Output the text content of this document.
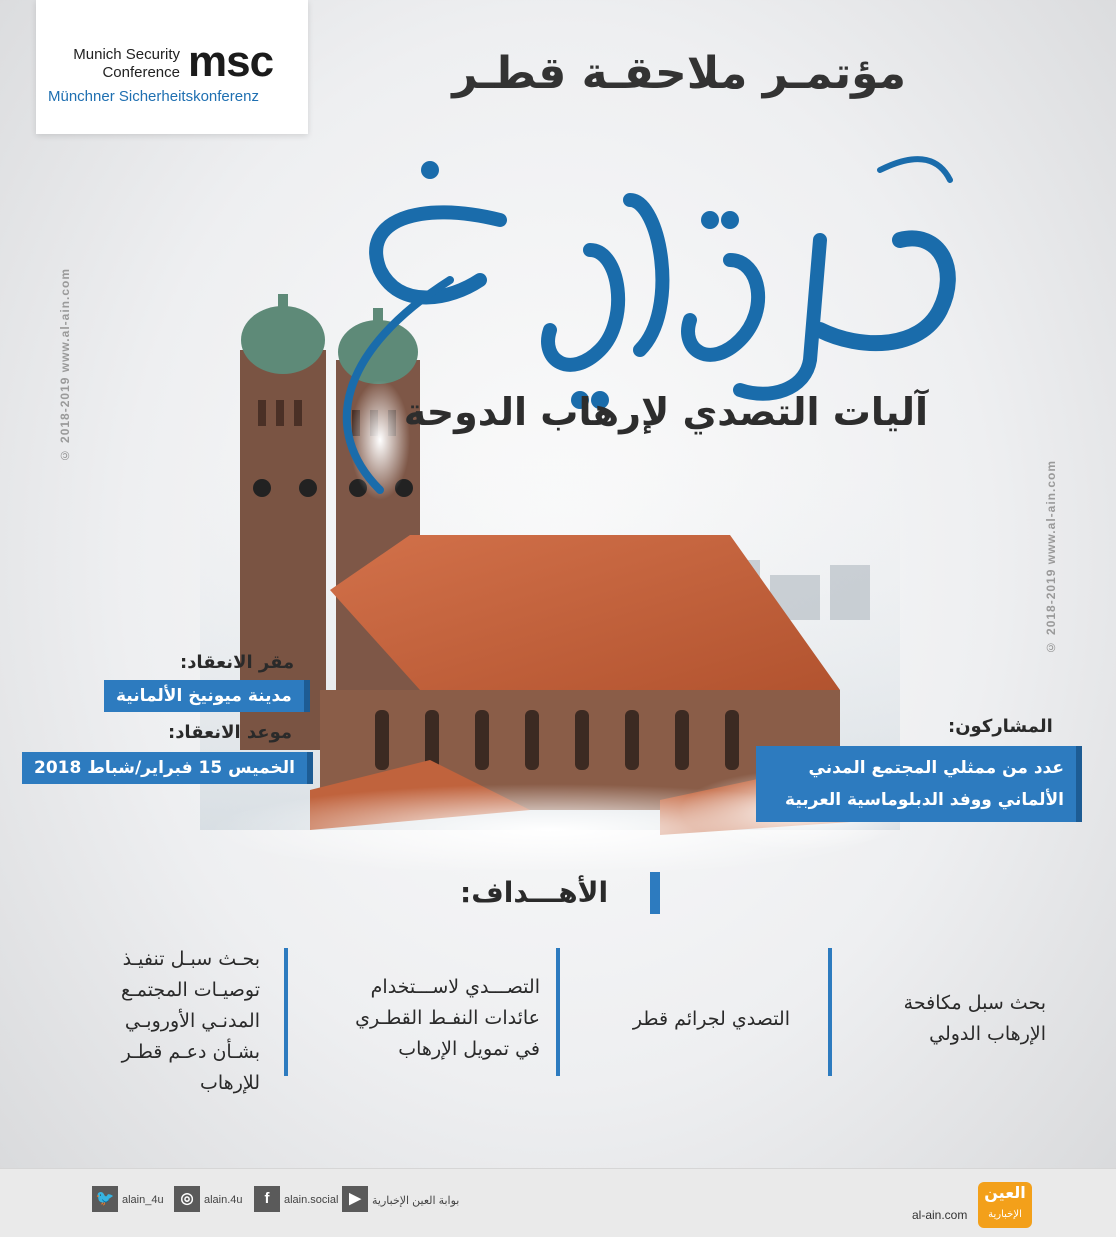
Munich Security
Conference msc
Münchner Sicherheitskonferenz
© 2018-2019 www.al-ain.com
© 2018-2019 www.al-ain.com
مؤتمـر ملاحقـة قطـر
آليات التصدي لإرهاب الدوحة
مقر الانعقاد:
مدينة ميونيخ الألمانية
موعد الانعقاد:
الخميس 15 فبراير/شباط 2018
المشاركون:
عدد من ممثلي المجتمع المدني
الألماني ووفد الدبلوماسية العربية
الأهـــداف:
بحث سبل مكافحة
الإرهاب الدولي
التصدي لجرائم قطر
التصـــدي لاســـتخدام
عائدات النفـط القطـري
في تمويل الإرهاب
بحـث سبـل تنفيـذ
توصيـات المجتمـع
المدنـي الأوروبـي
بشـأن دعـم قطـر
للإرهاب
🐦 alain_4u	◎ alain.4u	f	alain.social ▶	بوابة العين الإخبارية
al-ain.com
العين
الإخبارية
